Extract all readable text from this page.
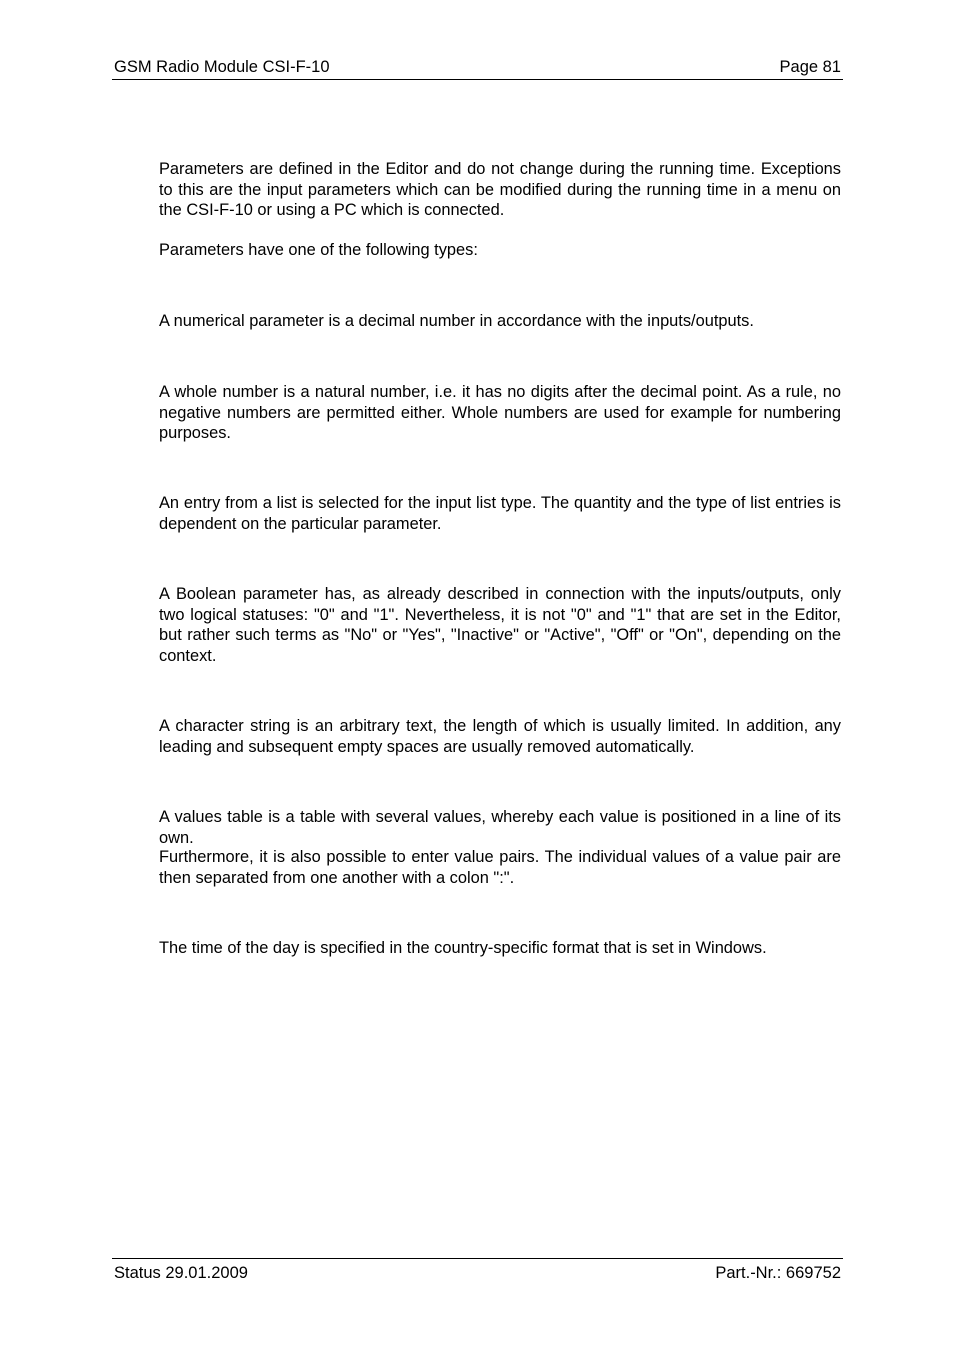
GSM Radio Module CSI-F-10	Page 81

Parameters are defined in the Editor and do not change during the running time. Exceptions to this are the input parameters which can be modified during the running time in a menu on the CSI-F-10 or using a PC which is connected.

Parameters have one of the following types:

A numerical parameter is a decimal number in accordance with the inputs/outputs.

A whole number is a natural number, i.e. it has no digits after the decimal point. As a rule, no negative numbers are permitted either. Whole numbers are used for example for numbering purposes.

An entry from a list is selected for the input list type. The quantity and the type of list entries is dependent on the particular parameter.

A Boolean parameter has, as already described in connection with the inputs/outputs, only two logical statuses: "0" and "1". Nevertheless, it is not "0" and "1" that are set in the Editor, but rather such terms as "No" or "Yes", "Inactive" or "Active", "Off" or "On", depending on the context.

A character string is an arbitrary text, the length of which is usually limited. In addition, any leading and subsequent empty spaces are usually removed automatically.

A values table is a table with several values, whereby each value is positioned in a line of its own.

Furthermore, it is also possible to enter value pairs. The individual values of a value pair are then separated from one another with a colon ":".

The time of the day is specified in the country-specific format that is set in Windows.

Status 29.01.2009	Part.-Nr.: 669752
